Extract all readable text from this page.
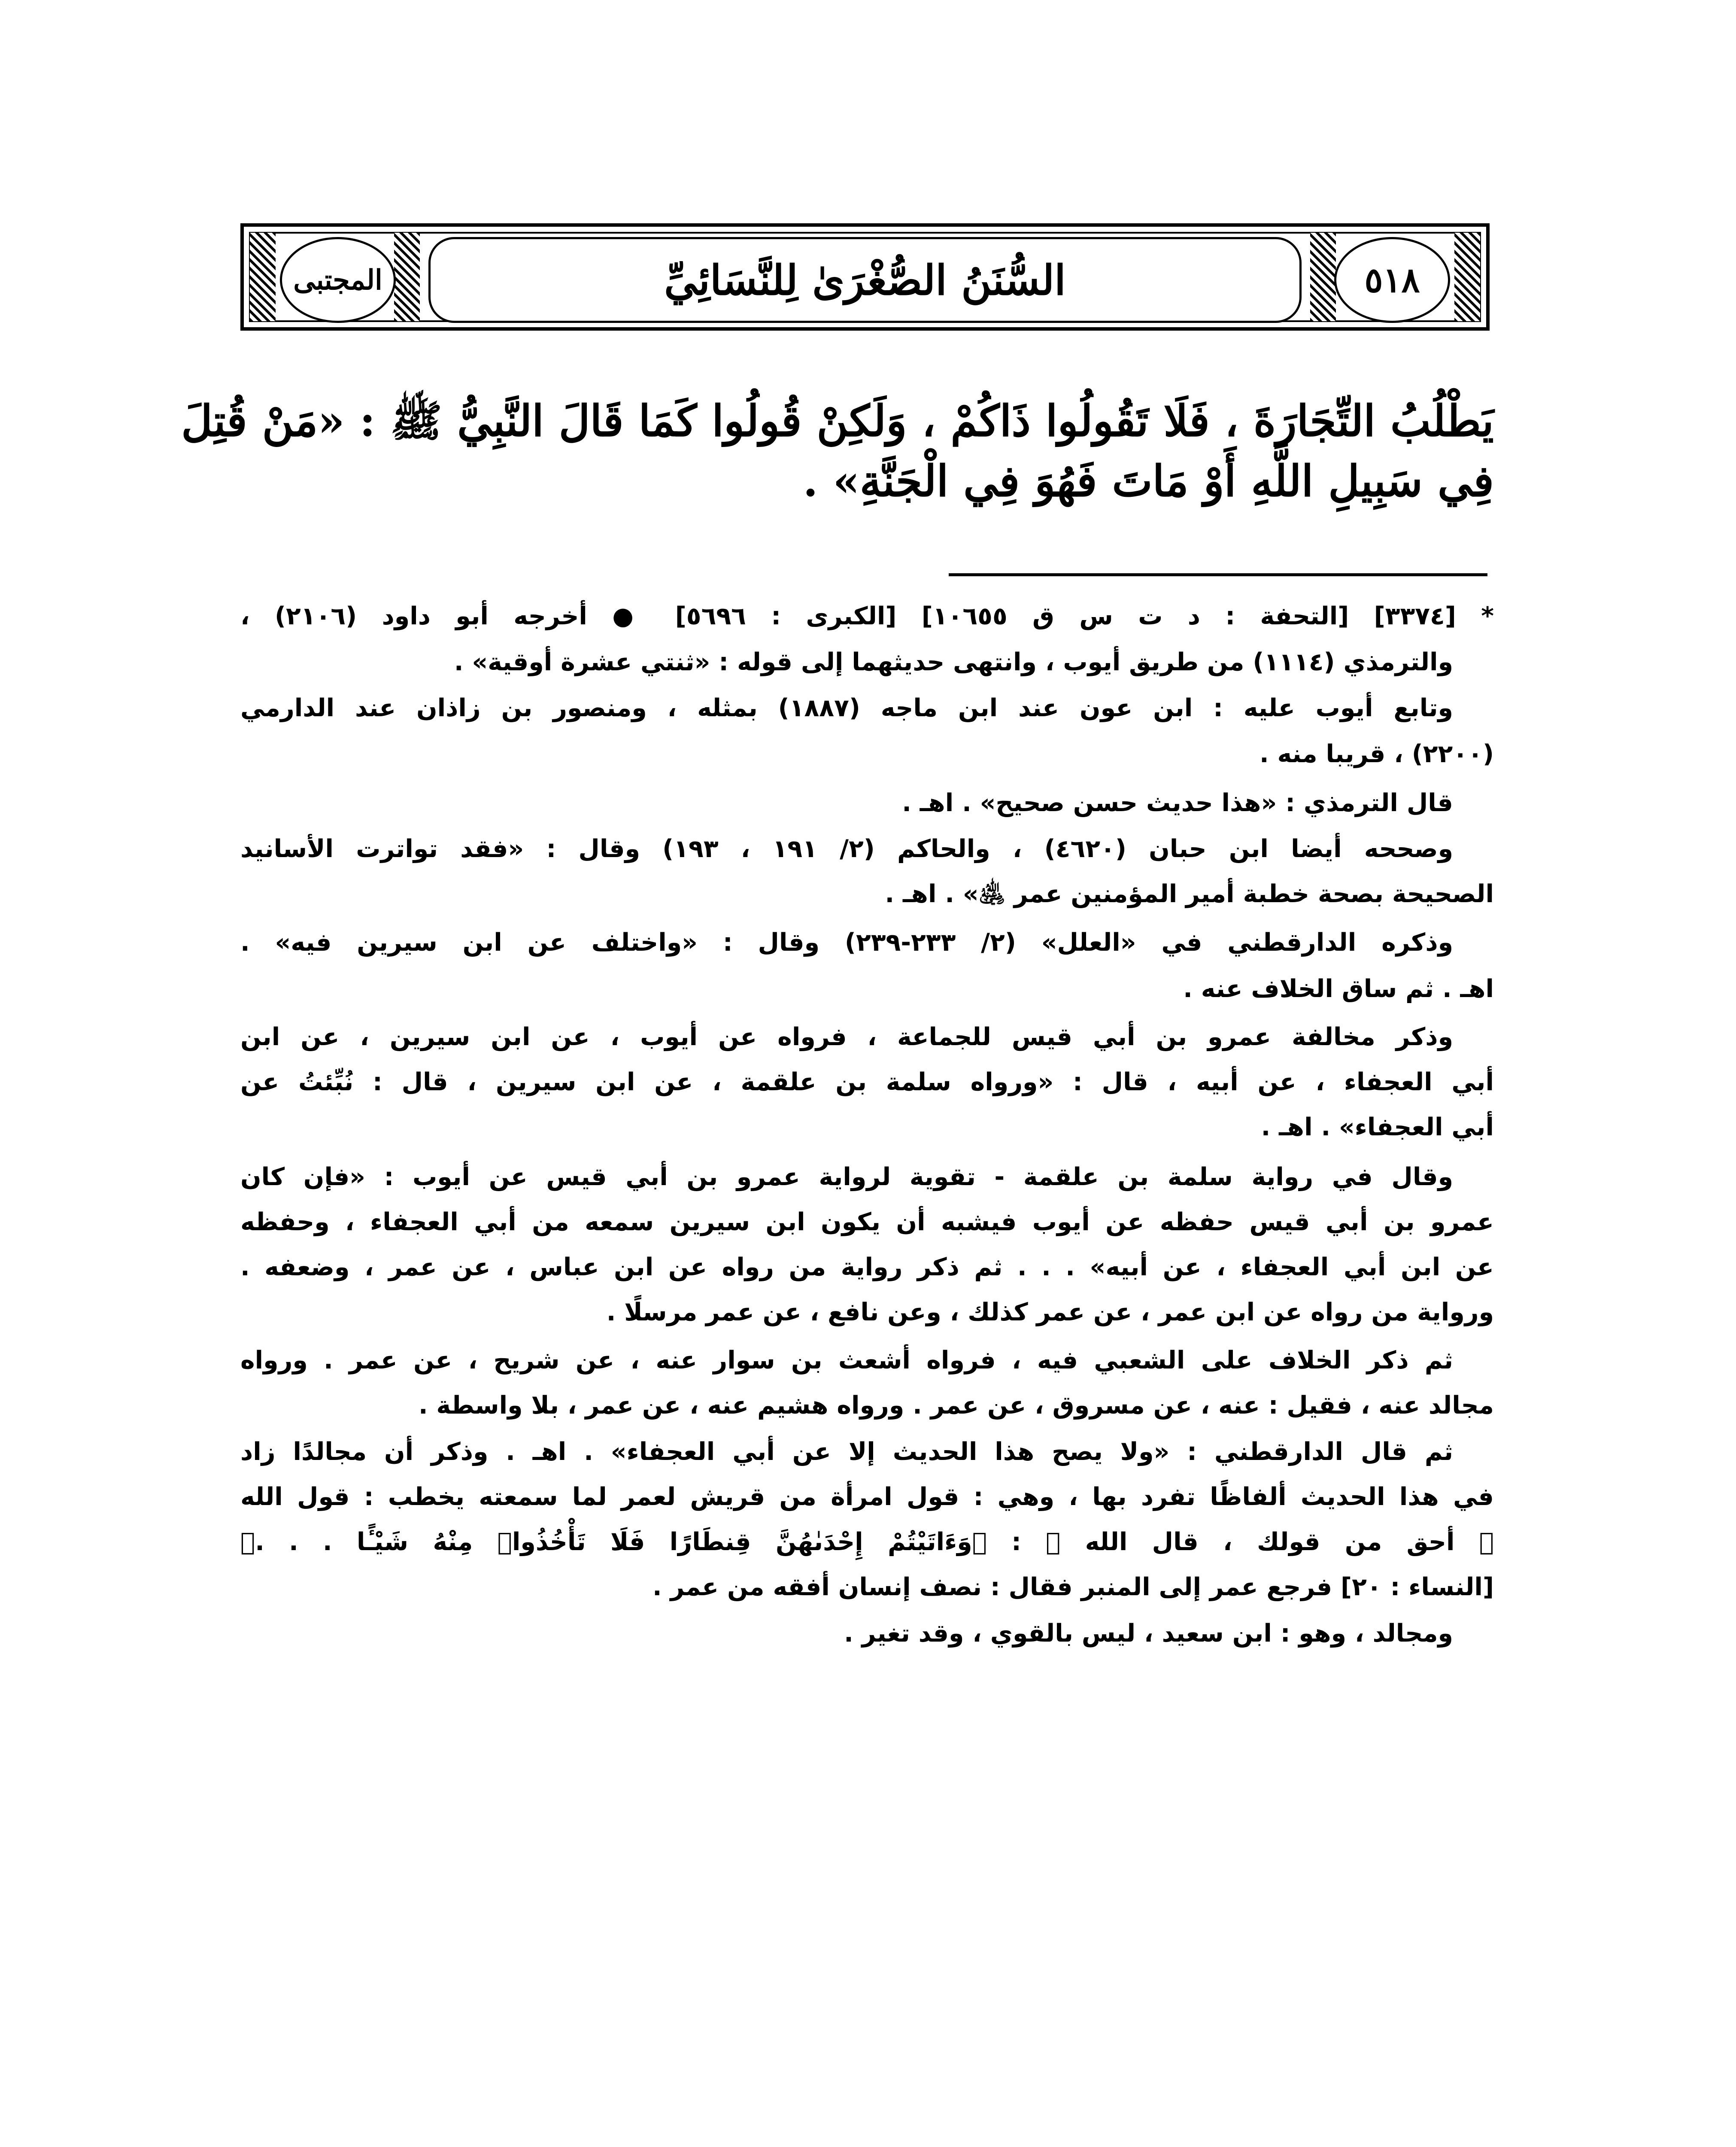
المجتبى	السُّنَنُ الصُّغْرَىٰ لِلنَّسَائِيِّ	٥١٨
يَطْلُبُ التِّجَارَةَ ، فَلَا تَقُولُوا ذَاكُمْ ، وَلَكِنْ قُولُوا كَمَا قَالَ النَّبِيُّ ﷺ : «مَنْ قُتِلَ
فِي سَبِيلِ اللَّهِ أَوْ مَاتَ فَهُوَ فِي الْجَنَّةِ» .
* [٣٣٧٤] [التحفة : د ت س ق ١٠٦٥٥] [الكبرى : ٥٦٩٦] ● أخرجه أبو داود (٢١٠٦) ،
والترمذي (١١١٤) من طريق أيوب ، وانتهى حديثهما إلى قوله : «ثنتي عشرة أوقية» .
وتابع أيوب عليه : ابن عون عند ابن ماجه (١٨٨٧) بمثله ، ومنصور بن زاذان عند الدارمي
(٢٢٠٠) ، قريبا منه .
قال الترمذي : «هذا حديث حسن صحيح» . اهـ .
وصححه أيضا ابن حبان (٤٦٢٠) ، والحاكم (٢/ ١٩١ ، ١٩٣) وقال : «فقد تواترت الأسانيد
الصحيحة بصحة خطبة أمير المؤمنين عمر ﵁» . اهـ .
وذكره الدارقطني في «العلل» (٢/ ٢٣٣-٢٣٩) وقال : «واختلف عن ابن سيرين فيه» .
اهـ . ثم ساق الخلاف عنه .
وذكر مخالفة عمرو بن أبي قيس للجماعة ، فرواه عن أيوب ، عن ابن سيرين ، عن ابن
أبي العجفاء ، عن أبيه ، قال : «ورواه سلمة بن علقمة ، عن ابن سيرين ، قال : نُبِّئتُ عن
أبي العجفاء» . اهـ .
وقال في رواية سلمة بن علقمة - تقوية لرواية عمرو بن أبي قيس عن أيوب : «فإن كان
عمرو بن أبي قيس حفظه عن أيوب فيشبه أن يكون ابن سيرين سمعه من أبي العجفاء ، وحفظه
عن ابن أبي العجفاء ، عن أبيه» . . . ثم ذكر رواية من رواه عن ابن عباس ، عن عمر ، وضعفه .
ورواية من رواه عن ابن عمر ، عن عمر كذلك ، وعن نافع ، عن عمر مرسلًا .
ثم ذكر الخلاف على الشعبي فيه ، فرواه أشعث بن سوار عنه ، عن شريح ، عن عمر . ورواه
مجالد عنه ، فقيل : عنه ، عن مسروق ، عن عمر . ورواه هشيم عنه ، عن عمر ، بلا واسطة .
ثم قال الدارقطني : «ولا يصح هذا الحديث إلا عن أبي العجفاء» . اهـ . وذكر أن مجالدًا زاد
في هذا الحديث ألفاظًا تفرد بها ، وهي : قول امرأة من قريش لعمر لما سمعته يخطب : قول الله
ﷻ أحق من قولك ، قال الله ﷻ : ﴿وَءَاتَيْتُمْ إِحْدَىٰهُنَّ قِنطَارًا فَلَا تَأْخُذُوا۟ مِنْهُ شَيْـًٔا . . .﴾
[النساء : ٢٠] فرجع عمر إلى المنبر فقال : نصف إنسان أفقه من عمر .
ومجالد ، وهو : ابن سعيد ، ليس بالقوي ، وقد تغير .
